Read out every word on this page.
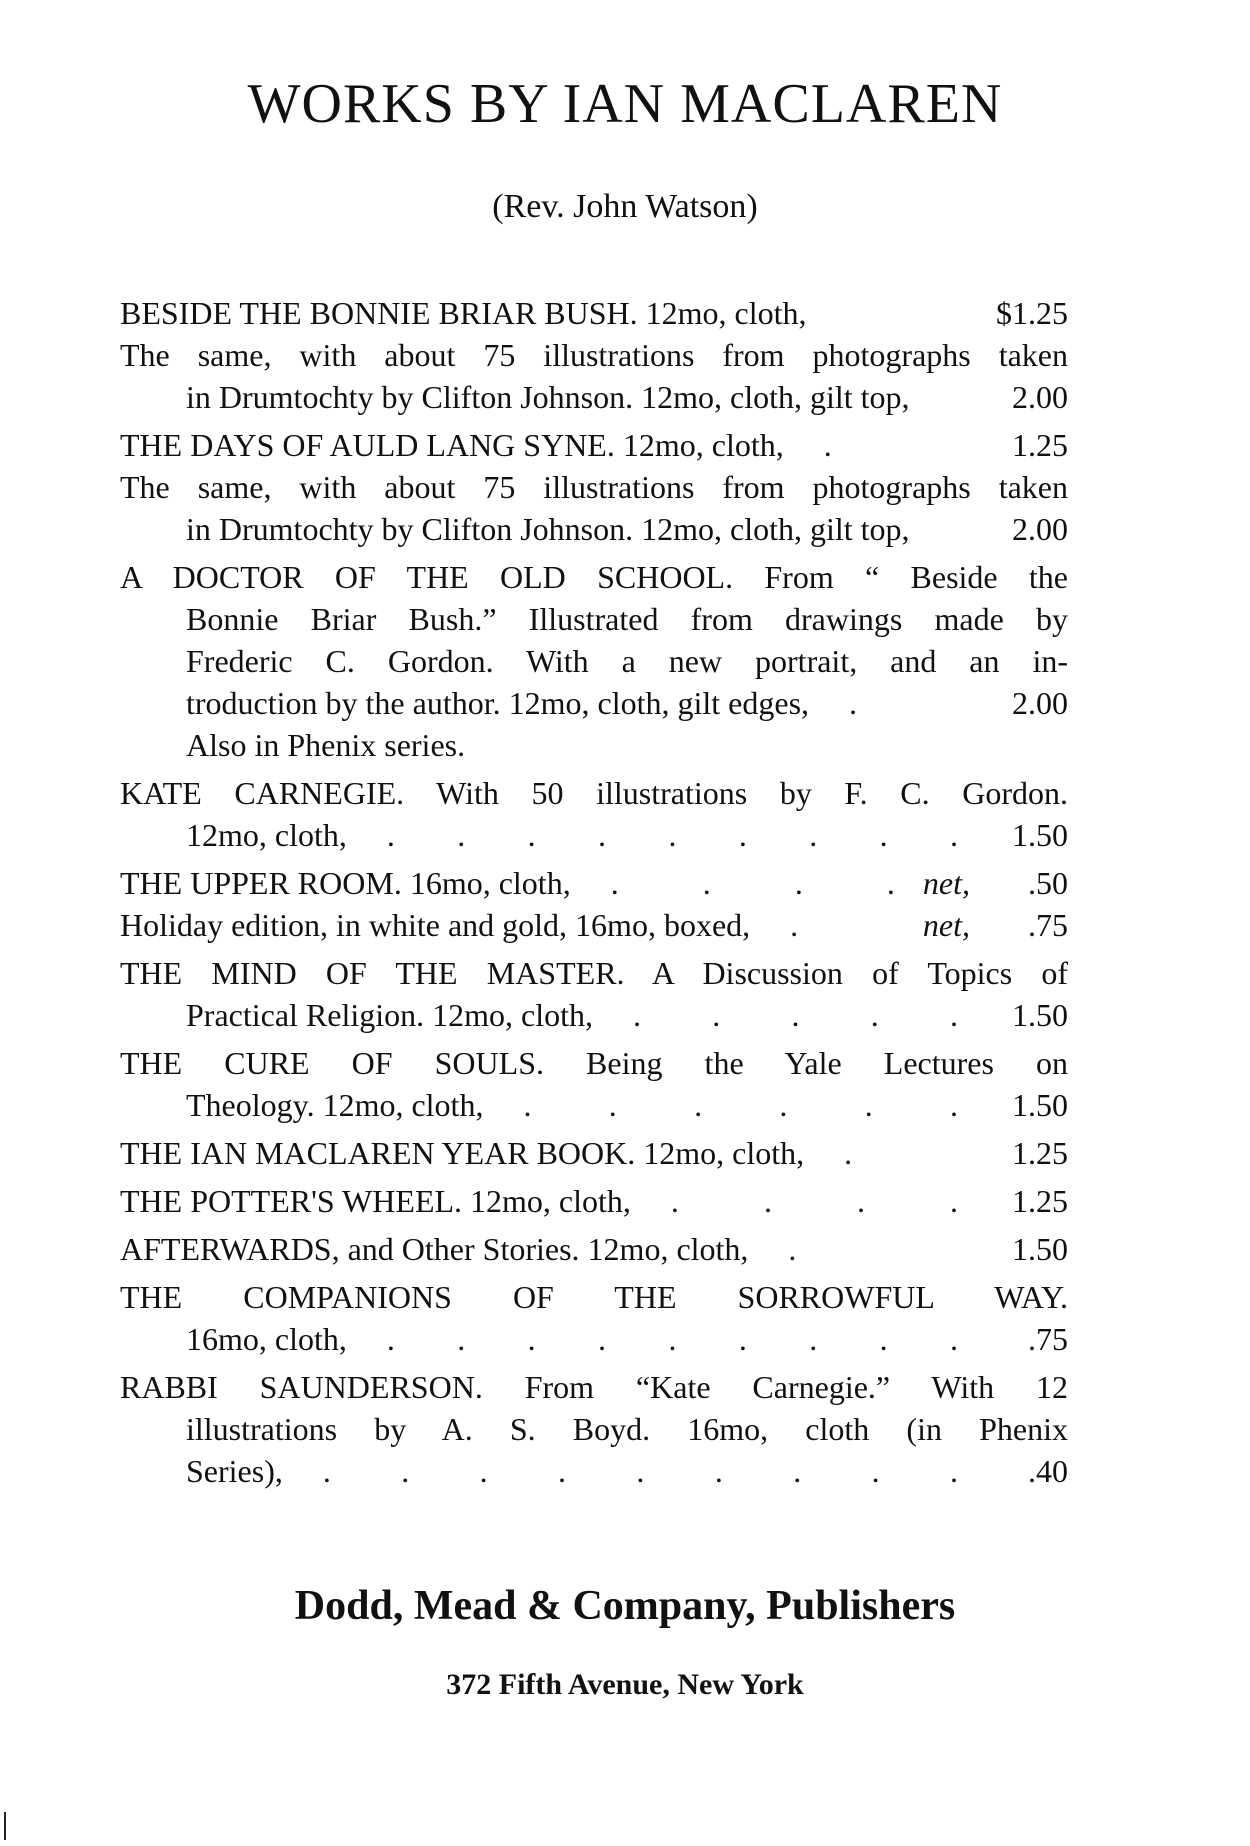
WORKS BY IAN MACLAREN
(Rev. John Watson)
BESIDE THE BONNIE BRIAR BUSH. 12mo, cloth,	$1.25
The same, with about 75 illustrations from photographs taken
in Drumtochty by Clifton Johnson. 12mo, cloth, gilt top,	2.00
THE DAYS OF AULD LANG SYNE. 12mo, cloth,	.	1.25
The same, with about 75 illustrations from photographs taken
in Drumtochty by Clifton Johnson. 12mo, cloth, gilt top,	2.00
A DOCTOR OF THE OLD SCHOOL. From “ Beside the
Bonnie Briar Bush.” Illustrated from drawings made by
Frederic C. Gordon. With a new portrait, and an in-
troduction by the author. 12mo, cloth, gilt edges,	.	2.00
Also in Phenix series.
KATE CARNEGIE. With 50 illustrations by F. C. Gordon.
12mo, cloth,	. . . . . . . . .	1.50
THE UPPER ROOM. 16mo, cloth,	. . . . net,	.50
Holiday edition, in white and gold, 16mo, boxed,	.	net,	.75
THE MIND OF THE MASTER. A Discussion of Topics of
Practical Religion. 12mo, cloth,	. . . . .	1.50
THE CURE OF SOULS. Being the Yale Lectures on
Theology. 12mo, cloth,	. . . . . .	1.50
THE IAN MACLAREN YEAR BOOK. 12mo, cloth,	.	1.25
THE POTTER'S WHEEL. 12mo, cloth,	. . . .	1.25
AFTERWARDS, and Other Stories. 12mo, cloth,	.	1.50
THE COMPANIONS OF THE SORROWFUL WAY.
16mo, cloth,	. . . . . . . . .	.75
RABBI SAUNDERSON. From “Kate Carnegie.” With 12
illustrations by A. S. Boyd. 16mo, cloth (in Phenix
Series),	. . . . . . . . .	.40
Dodd, Mead & Company, Publishers
372 Fifth Avenue, New York
